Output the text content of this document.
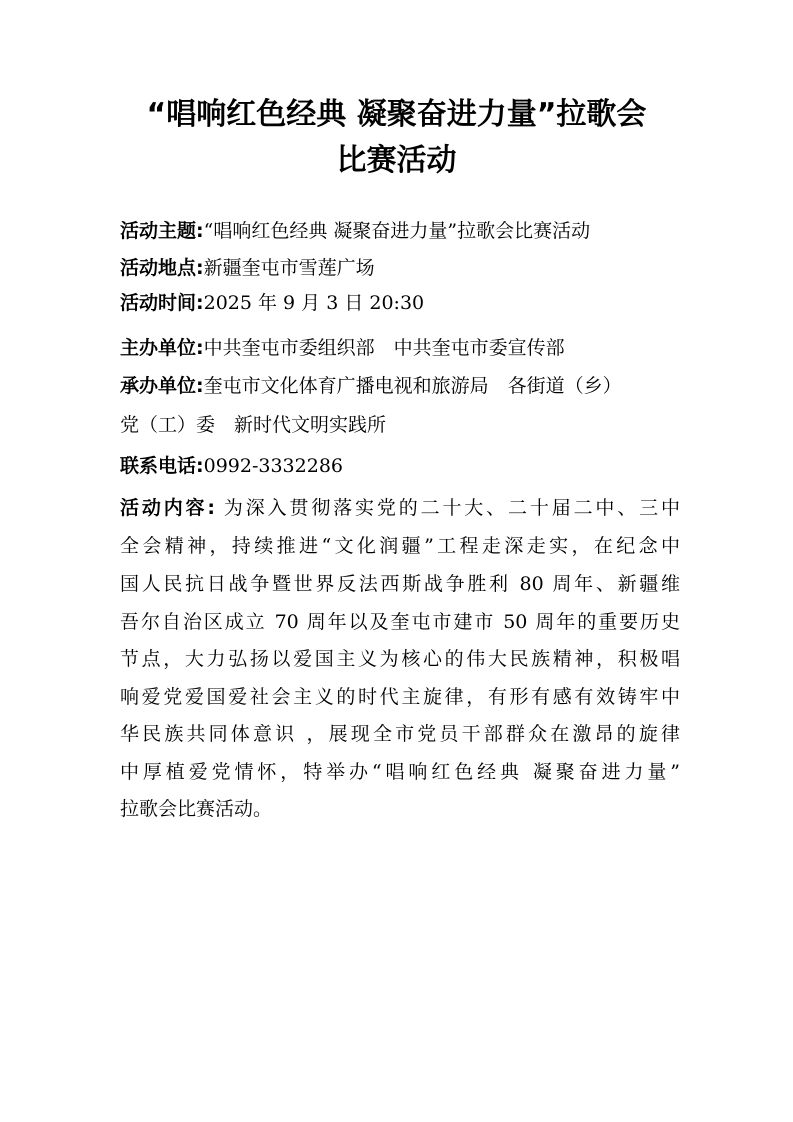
“唱响红色经典 凝聚奋进力量”拉歌会
比赛活动
活动主题:“唱响红色经典 凝聚奋进力量”拉歌会比赛活动
活动地点:新疆奎屯市雪莲广场
活动时间:2025 年 9 月 3 日 20:30
主办单位:中共奎屯市委组织部　中共奎屯市委宣传部
承办单位:奎屯市文化体育广播电视和旅游局　各街道（乡）
党（工）委　新时代文明实践所
联系电话:0992-3332286
活动内容: 为深入贯彻落实党的二十大、二十届二中、三中
全会精神，持续推进“文化润疆”工程走深走实，在纪念中
国人民抗日战争暨世界反法西斯战争胜利 80 周年、新疆维
吾尔自治区成立 70 周年以及奎屯市建市 50 周年的重要历史
节点，大力弘扬以爱国主义为核心的伟大民族精神，积极唱
响爱党爱国爱社会主义的时代主旋律，有形有感有效铸牢中
华民族共同体意识 ，展现全市党员干部群众在激昂的旋律
中厚植爱党情怀，特举办“唱响红色经典 凝聚奋进力量”
拉歌会比赛活动。
